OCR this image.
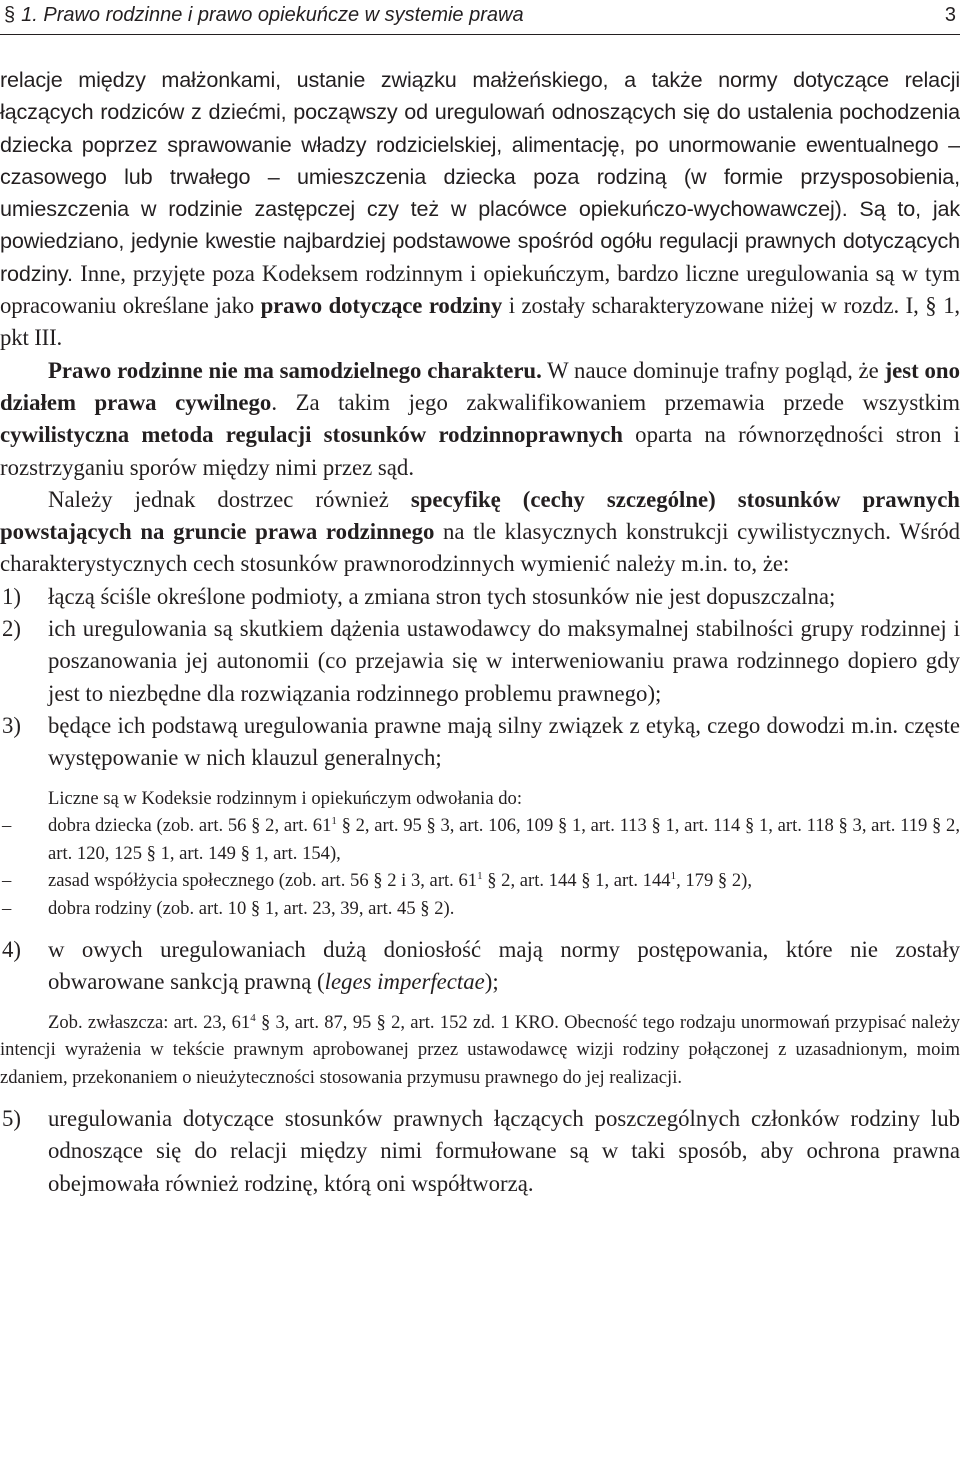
§ 1. Prawo rodzinne i prawo opiekuńcze w systemie prawa	3

relacje między małżonkami, ustanie związku małżeńskiego, a także normy dotyczące relacji łączących rodziców z dziećmi, począwszy od uregulowań odnoszących się do ustalenia pochodzenia dziecka poprzez sprawowanie władzy rodzicielskiej, alimentację, po unormowanie ewentualnego – czasowego lub trwałego – umieszczenia dziecka poza rodziną (w formie przysposobienia, umieszczenia w rodzinie zastępczej czy też w placówce opiekuńczo-wychowawczej). Są to, jak powiedziano, jedynie kwestie najbardziej podstawowe spośród ogółu regulacji prawnych dotyczących rodziny. Inne, przyjęte poza Kodeksem rodzinnym i opiekuńczym, bardzo liczne uregulowania są w tym opracowaniu określane jako prawo dotyczące rodziny i zostały scharakteryzowane niżej w rozdz. I, § 1, pkt III.

Prawo rodzinne nie ma samodzielnego charakteru. W nauce dominuje trafny pogląd, że jest ono działem prawa cywilnego. Za takim jego zakwalifikowaniem przemawia przede wszystkim cywilistyczna metoda regulacji stosunków rodzinnoprawnych oparta na równorzędności stron i rozstrzyganiu sporów między nimi przez sąd.

Należy jednak dostrzec również specyfikę (cechy szczególne) stosunków prawnych powstających na gruncie prawa rodzinnego na tle klasycznych konstrukcji cywilistycznych. Wśród charakterystycznych cech stosunków prawnorodzinnych wymienić należy m.in. to, że:

1) łączą ściśle określone podmioty, a zmiana stron tych stosunków nie jest dopuszczalna;
2) ich uregulowania są skutkiem dążenia ustawodawcy do maksymalnej stabilności grupy rodzinnej i poszanowania jej autonomii (co przejawia się w interweniowaniu prawa rodzinnego dopiero gdy jest to niezbędne dla rozwiązania rodzinnego problemu prawnego);
3) będące ich podstawą uregulowania prawne mają silny związek z etyką, czego dowodzi m.in. częste występowanie w nich klauzul generalnych;

Liczne są w Kodeksie rodzinnym i opiekuńczym odwołania do:

– dobra dziecka (zob. art. 56 § 2, art. $61^1$ § 2, art. 95 § 3, art. 106, 109 § 1, art. 113 § 1, art. 114 § 1, art. 118 § 3, art. 119 § 2, art. 120, 125 § 1, art. 149 § 1, art. 154),
– zasad współżycia społecznego (zob. art. 56 § 2 i 3, art. $61^1$ § 2, art. 144 § 1, art. $144^1$, 179 § 2),
– dobra rodziny (zob. art. 10 § 1, art. 23, 39, art. 45 § 2).
4) w owych uregulowaniach dużą doniosłość mają normy postępowania, które nie zostały obwarowane sankcją prawną (leges imperfectae);

Zob. zwłaszcza: art. 23, $61^4$ § 3, art. 87, 95 § 2, art. 152 zd. 1 KRO. Obecność tego rodzaju unormowań przypisać należy intencji wyrażenia w tekście prawnym aprobowanej przez ustawodawcę wizji rodziny połączonej z uzasadnionym, moim zdaniem, przekonaniem o nieużyteczności stosowania przymusu prawnego do jej realizacji.

5) uregulowania dotyczące stosunków prawnych łączących poszczególnych członków rodziny lub odnoszące się do relacji między nimi formułowane są w taki sposób, aby ochrona prawna obejmowała również rodzinę, którą oni współtworzą.
